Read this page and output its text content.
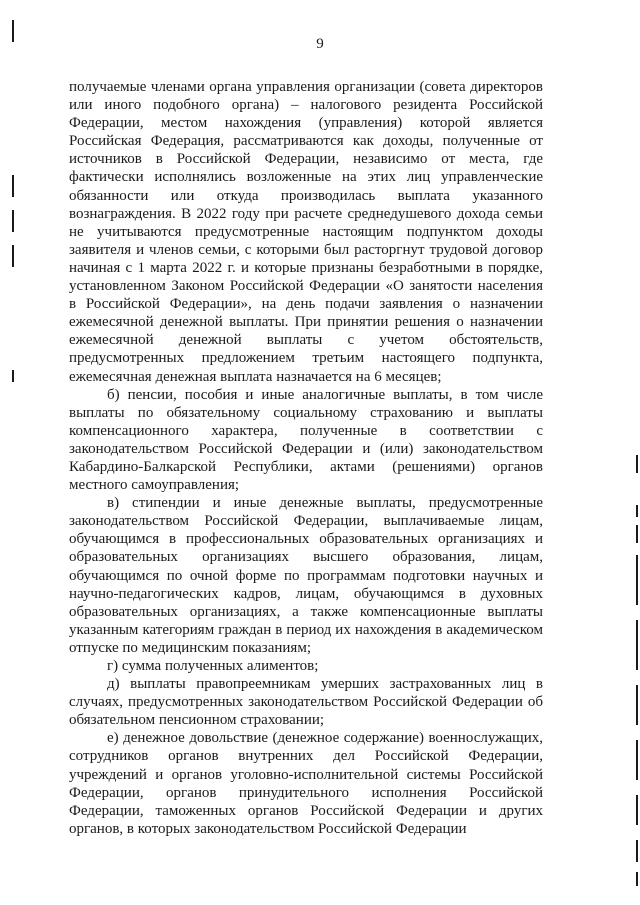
9

получаемые членами органа управления организации (совета директоров или иного подобного органа) – налогового резидента Российской Федерации, местом нахождения (управления) которой является Российская Федерация, рассматриваются как доходы, полученные от источников в Российской Федерации, независимо от места, где фактически исполнялись возложенные на этих лиц управленческие обязанности или откуда производилась выплата указанного вознаграждения. В 2022 году при расчете среднедушевого дохода семьи не учитываются предусмотренные настоящим подпунктом доходы заявителя и членов семьи, с которыми был расторгнут трудовой договор начиная с 1 марта 2022 г. и которые признаны безработными в порядке, установленном Законом Российской Федерации «О занятости населения в Российской Федерации», на день подачи заявления о назначении ежемесячной денежной выплаты. При принятии решения о назначении ежемесячной денежной выплаты с учетом обстоятельств, предусмотренных предложением третьим настоящего подпункта, ежемесячная денежная выплата назначается на 6 месяцев;

б) пенсии, пособия и иные аналогичные выплаты, в том числе выплаты по обязательному социальному страхованию и выплаты компенсационного характера, полученные в соответствии с законодательством Российской Федерации и (или) законодательством Кабардино-Балкарской Республики, актами (решениями) органов местного самоуправления;

в) стипендии и иные денежные выплаты, предусмотренные законодательством Российской Федерации, выплачиваемые лицам, обучающимся в профессиональных образовательных организациях и образовательных организациях высшего образования, лицам, обучающимся по очной форме по программам подготовки научных и научно-педагогических кадров, лицам, обучающимся в духовных образовательных организациях, а также компенсационные выплаты указанным категориям граждан в период их нахождения в академическом отпуске по медицинским показаниям;

г) сумма полученных алиментов;

д) выплаты правопреемникам умерших застрахованных лиц в случаях, предусмотренных законодательством Российской Федерации об обязательном пенсионном страховании;

е) денежное довольствие (денежное содержание) военнослужащих, сотрудников органов внутренних дел Российской Федерации, учреждений и органов уголовно-исполнительной системы Российской Федерации, органов принудительного исполнения Российской Федерации, таможенных органов Российской Федерации и других органов, в которых законодательством Российской Федерации
